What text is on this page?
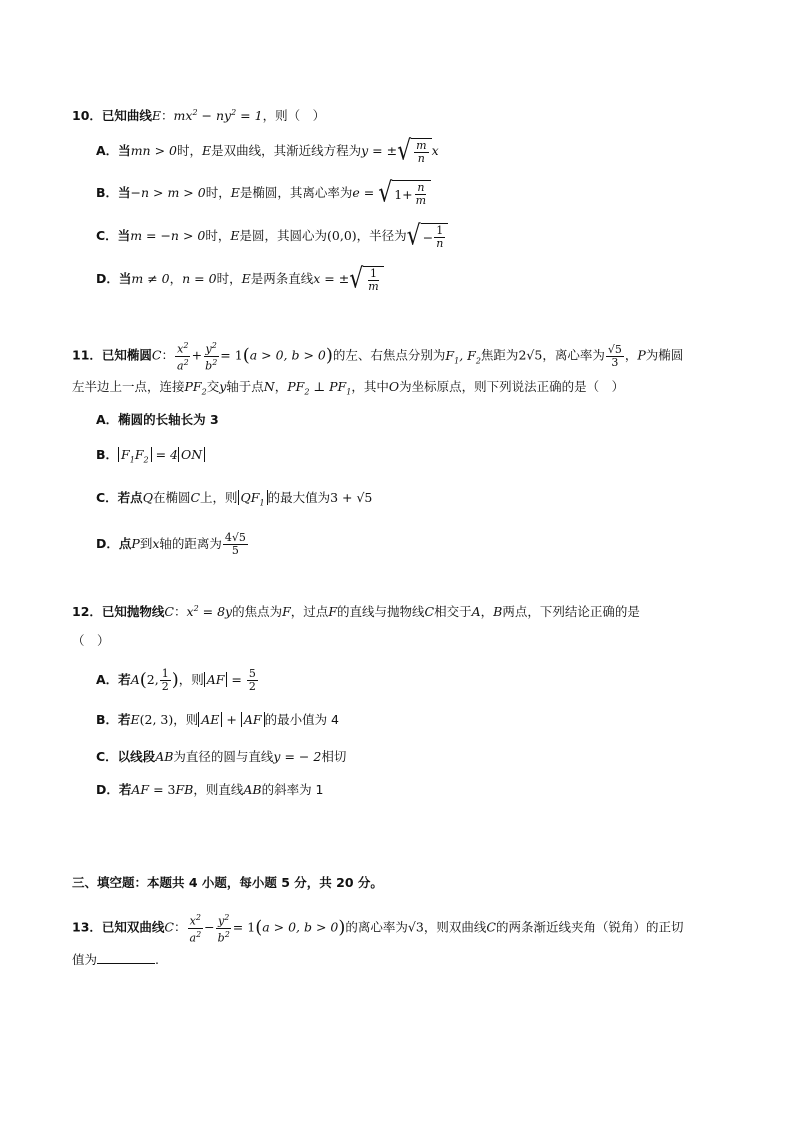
10．已知曲线E：$mx^2 - ny^2 = 1$，则（　）
A．当mn > 0时，E是双曲线，其渐近线方程为y = ± √ $\frac{m}{n}$ x
B．当−n > m > 0时，E是椭圆，其离心率为e = √ $1+ \frac{n}{m}$
C．当m = −n > 0时，E是圆，其圆心为(0,0)，半径为 √ − $\frac{1}{n}$
D．当m ≠ 0，n = 0时，E是两条直线x = ± √ $\frac{1}{m}$
11．已知椭圆C： $\frac{x^2}{a^2} + \frac{y^2}{b^2} = 1(a > 0$, b > 0)的左、右焦点分别为$F_1$, $F_2$焦距为2√5，离心率为 $\frac{√5}{3}$ ，P为椭圆
左半边上一点，连接$PF_2$交y轴于点N，$PF_2$ ⊥ $PF_1$，其中O为坐标原点，则下列说法正确的是（　）
A．椭圆的长轴长为 3
B． $F_1F_2 = 4$ ON
C．若点Q在椭圆C上，则 $QF_1$ 的最大值为3 + √5
D．点P到x轴的距离为 $\frac{4√5}{5}$
12．已知抛物线C：$x^2 = 8y$的焦点为F，过点F的直线与抛物线C相交于A，B两点，下列结论正确的是
（　）
A．若A(2, $\frac{1}{2}$ )，则 AF = $\frac{5}{2}$
B．若E(2, 3)，则 AE + AF 的最小值为 4
C．以线段AB为直径的圆与直线y = − 2相切
D．若AF = 3FB，则直线AB的斜率为 1
三、填空题：本题共 4 小题，每小题 5 分，共 20 分。
13．已知双曲线C： $\frac{x^2}{a^2} - \frac{y^2}{b^2} = 1(a > 0$, b > 0)的离心率为√3，则双曲线C的两条渐近线夹角（锐角）的正切
值为	.
